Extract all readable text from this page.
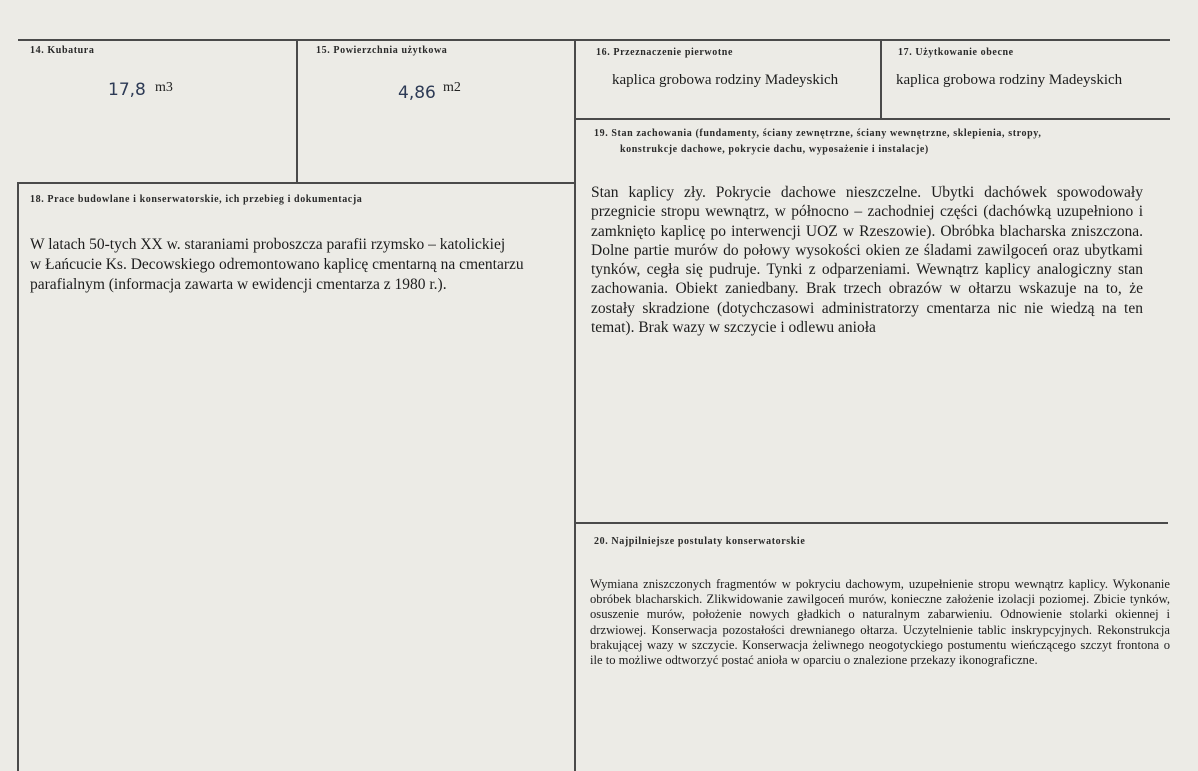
14. Kubatura
17,8 m3
15. Powierzchnia użytkowa
4,86 m2
16. Przeznaczenie pierwotne
kaplica grobowa rodziny Madeyskich
17. Użytkowanie obecne
kaplica grobowa rodziny Madeyskich
18. Prace budowlane i konserwatorskie, ich przebieg i dokumentacja
W latach 50-tych XX w. staraniami proboszcza parafii rzymsko – katolickiej
w Łańcucie Ks. Decowskiego odremontowano kaplicę cmentarną na cmentarzu
parafialnym (informacja zawarta w ewidencji cmentarza z 1980 r.).
19. Stan zachowania (fundamenty, ściany zewnętrzne, ściany wewnętrzne, sklepienia, stropy,
konstrukcje dachowe, pokrycie dachu, wyposażenie i instalacje)

Stan kaplicy zły. Pokrycie dachowe nieszczelne. Ubytki dachówek spowodowały przegnicie stropu wewnątrz, w północno – zachodniej części (dachówką uzupełniono i zamknięto kaplicę po interwencji UOZ w Rzeszowie). Obróbka blacharska zniszczona. Dolne partie murów do połowy wysokości okien ze śladami zawilgoceń oraz ubytkami tynków, cegła się pudruje. Tynki z odparzeniami. Wewnątrz kaplicy analogiczny stan zachowania. Obiekt zaniedbany. Brak trzech obrazów w ołtarzu wskazuje na to, że zostały skradzione (dotychczasowi administratorzy cmentarza nic nie wiedzą na ten temat). Brak wazy w szczycie i odlewu anioła

20. Najpilniejsze postulaty konserwatorskie

Wymiana zniszczonych fragmentów w pokryciu dachowym, uzupełnienie stropu wewnątrz kaplicy. Wykonanie obróbek blacharskich. Zlikwidowanie zawilgoceń murów, konieczne założenie izolacji poziomej. Zbicie tynków, osuszenie murów, położenie nowych gładkich o naturalnym zabarwieniu. Odnowienie stolarki okiennej i drzwiowej. Konserwacja pozostałości drewnianego ołtarza. Uczytelnienie tablic inskrypcyjnych. Rekonstrukcja brakującej wazy w szczycie. Konserwacja żeliwnego neogotyckiego postumentu wieńczącego szczyt frontona o ile to możliwe odtworzyć postać anioła w oparciu o znalezione przekazy ikonograficzne.
